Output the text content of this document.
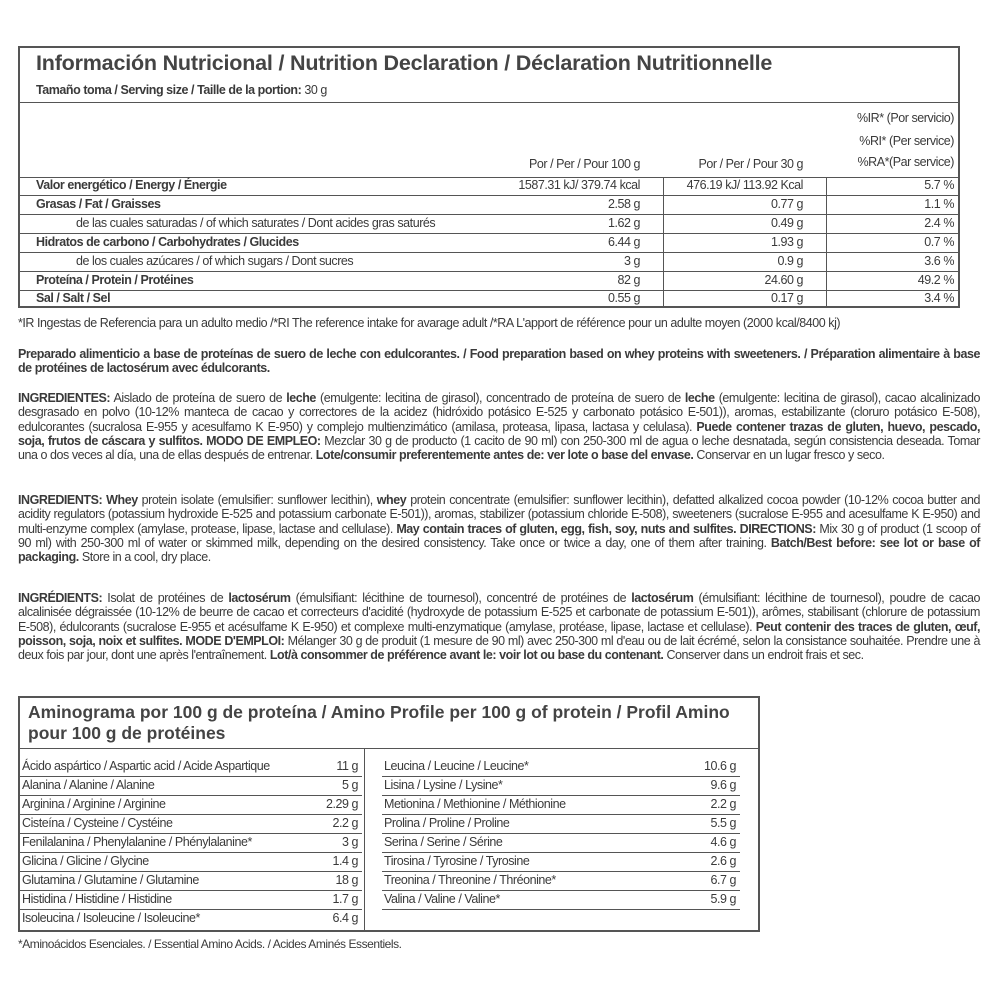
Información Nutricional / Nutrition Declaration / Déclaration Nutritionnelle
Tamaño toma / Serving size / Taille de la portion: 30 g
Por / Per / Pour 100 g	Por / Per / Pour 30 g
%IR* (Por servicio)
%RI* (Per service)
%RA*(Par service)
Valor energético / Energy / Énergie	1587.31 kJ/ 379.74 kcal	476.19 kJ/ 113.92 Kcal	5.7 %
Grasas / Fat / Graisses	2.58 g	0.77 g	1.1 %
de las cuales saturadas / of which saturates / Dont acides gras saturés	1.62 g	0.49 g	2.4 %
Hidratos de carbono / Carbohydrates / Glucides	6.44 g	1.93 g	0.7 %
de los cuales azúcares / of which sugars / Dont sucres	3 g	0.9 g	3.6 %
Proteína / Protein / Protéines	82 g	24.60 g	49.2 %
Sal / Salt / Sel	0.55 g	0.17 g	3.4 %
*IR Ingestas de Referencia para un adulto medio /*RI The reference intake for avarage adult /*RA L'apport de référence pour un adulte moyen (2000 kcal/8400 kj)
Preparado alimenticio a base de proteínas de suero de leche con edulcorantes. / Food preparation based on whey proteins with sweeteners. / Préparation alimentaire à base de protéines de lactosérum avec édulcorants.
INGREDIENTES: Aislado de proteína de suero de leche (emulgente: lecitina de girasol), concentrado de proteína de suero de leche (emulgente: lecitina de girasol), cacao alcalinizado desgrasado en polvo (10-12% manteca de cacao y correctores de la acidez (hidróxido potásico E-525 y carbonato potásico E-501)), aromas, estabilizante (cloruro potásico E-508), edulcorantes (sucralosa E-955 y acesulfamo K E-950) y complejo multienzimático (amilasa, proteasa, lipasa, lactasa y celulasa). Puede contener trazas de gluten, huevo, pescado, soja, frutos de cáscara y sulfitos. MODO DE EMPLEO: Mezclar 30 g de producto (1 cacito de 90 ml) con 250-300 ml de agua o leche desnatada, según consistencia deseada. Tomar una o dos veces al día, una de ellas después de entrenar. Lote/consumir preferentemente antes de: ver lote o base del envase. Conservar en un lugar fresco y seco.
INGREDIENTS: Whey protein isolate (emulsifier: sunflower lecithin), whey protein concentrate (emulsifier: sunflower lecithin), defatted alkalized cocoa powder (10-12% cocoa butter and acidity regulators (potassium hydroxide E-525 and potassium carbonate E-501)), aromas, stabilizer (potassium chloride E-508), sweeteners (sucralose E-955 and acesulfame K E-950) and multi-enzyme complex (amylase, protease, lipase, lactase and cellulase). May contain traces of gluten, egg, fish, soy, nuts and sulfites. DIRECTIONS: Mix 30 g of product (1 scoop of 90 ml) with 250-300 ml of water or skimmed milk, depending on the desired consistency. Take once or twice a day, one of them after training. Batch/Best before: see lot or base of packaging. Store in a cool, dry place.
INGRÉDIENTS: Isolat de protéines de lactosérum (émulsifiant: lécithine de tournesol), concentré de protéines de lactosérum (émulsifiant: lécithine de tournesol), poudre de cacao alcalinisée dégraissée (10-12% de beurre de cacao et correcteurs d'acidité (hydroxyde de potassium E-525 et carbonate de potassium E-501)), arômes, stabilisant (chlorure de potassium E-508), édulcorants (sucralose E-955 et acésulfame K E-950) et complexe multi-enzymatique (amylase, protéase, lipase, lactase et cellulase). Peut contenir des traces de gluten, œuf, poisson, soja, noix et sulfites. MODE D'EMPLOI: Mélanger 30 g de produit (1 mesure de 90 ml) avec 250-300 ml d'eau ou de lait écrémé, selon la consistance souhaitée. Prendre une à deux fois par jour, dont une après l'entraînement. Lot/à consommer de préférence avant le: voir lot ou base du contenant. Conserver dans un endroit frais et sec.
Aminograma por 100 g de proteína / Amino Profile per 100 g of protein / Profil Amino pour 100 g de protéines
Ácido aspártico / Aspartic acid / Acide Aspartique	11 g
Alanina / Alanine / Alanine	5 g
Arginina / Arginine / Arginine	2.29 g
Cisteína / Cysteine / Cystéine	2.2 g
Fenilalanina / Phenylalanine / Phénylalanine*	3 g
Glicina / Glicine / Glycine	1.4 g
Glutamina / Glutamine / Glutamine	18 g
Histidina / Histidine / Histidine	1.7 g
Isoleucina / Isoleucine / Isoleucine*	6.4 g
Leucina / Leucine / Leucine*	10.6 g
Lisina / Lysine / Lysine*	9.6 g
Metionina / Methionine / Méthionine	2.2 g
Prolina / Proline / Proline	5.5 g
Serina / Serine / Sérine	4.6 g
Tirosina / Tyrosine / Tyrosine	2.6 g
Treonina / Threonine / Thréonine*	6.7 g
Valina / Valine / Valine*	5.9 g
*Aminoácidos Esenciales. / Essential Amino Acids. / Acides Aminés Essentiels.
